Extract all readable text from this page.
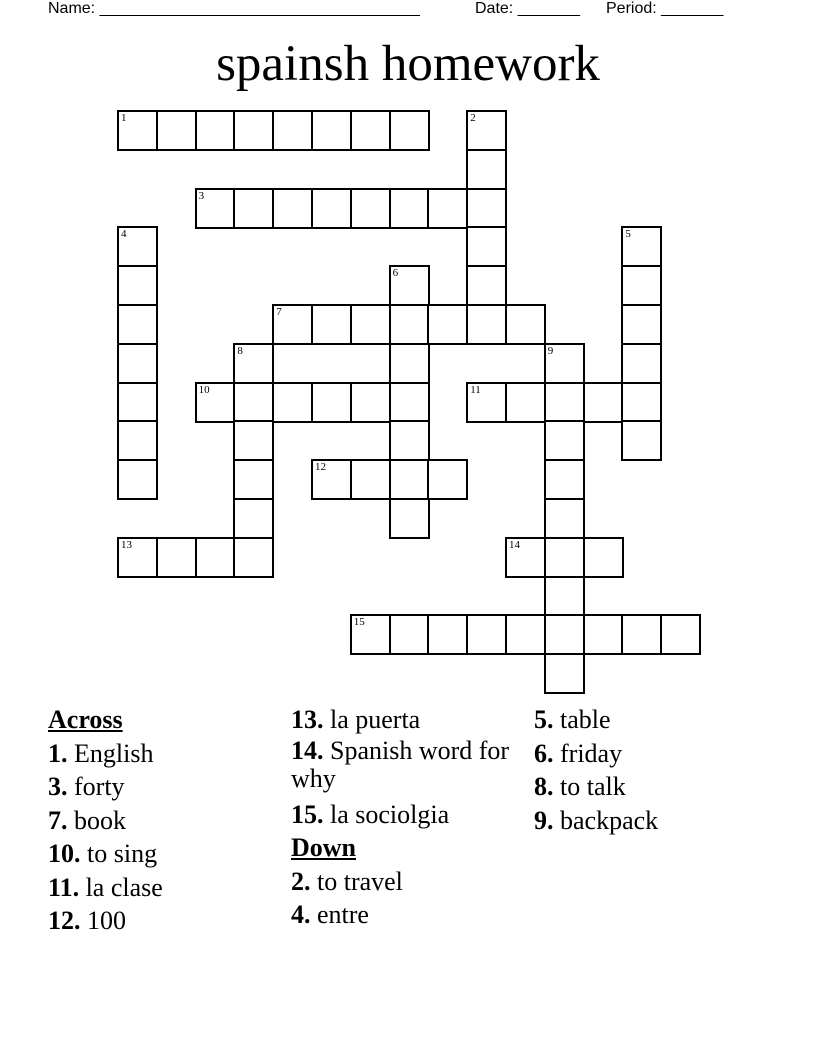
Name: ____________________________________	Date: _______ Period: _______
spainsh homework
1	2
3
4	5
6
7
8	9
10	11
12
13	14
15
Across
1. English
3. forty
7. book
10. to sing
11. la clase
12. 100
13. la puerta
14. Spanish word for why
15. la sociolgia
Down
2. to travel
4. entre
5. table
6. friday
8. to talk
9. backpack
